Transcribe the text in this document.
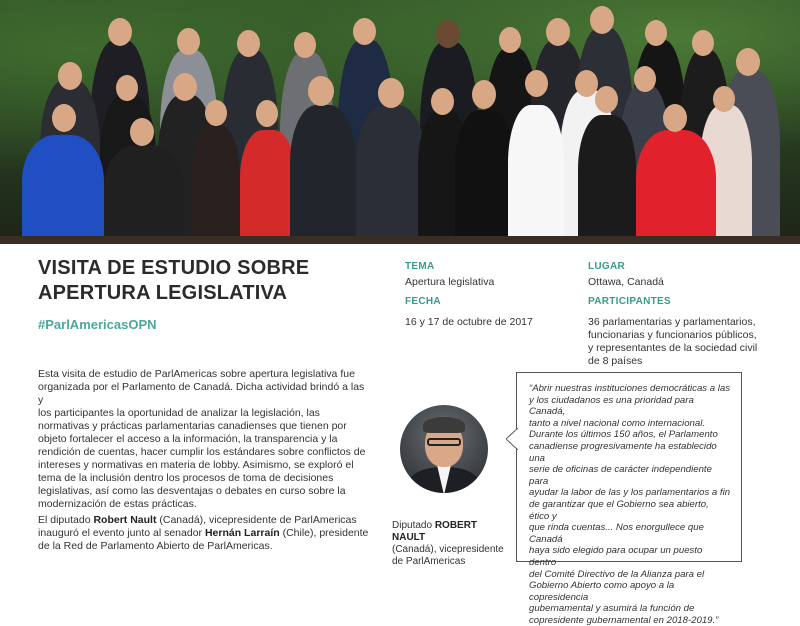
VISITA DE ESTUDIO SOBRE
APERTURA LEGISLATIVA

#ParlAmericasOPN

TEMA
Apertura legislativa
FECHA
16 y 17 de octubre de 2017
LUGAR
Ottawa, Canadá
PARTICIPANTES
36 parlamentarias y parlamentarios,
funcionarias y funcionarios públicos,
y representantes de la sociedad civil
de 8 países

Esta visita de estudio de ParlAmericas sobre apertura legislativa fue
organizada por el Parlamento de Canadá. Dicha actividad brindó a las y
los participantes la oportunidad de analizar la legislación, las
normativas y prácticas parlamentarias canadienses que tienen por
objeto fortalecer el acceso a la información, la transparencia y la
rendición de cuentas, hacer cumplir los estándares sobre conflictos de
intereses y normativas en materia de lobby. Asimismo, se exploró el
tema de la inclusión dentro los procesos de toma de decisiones
legislativas, así como las desventajas o debates en curso sobre la
modernización de estas prácticas.

El diputado Robert Nault (Canadá), vicepresidente de ParlAmericas
inauguró el evento junto al senador Hernán Larraín (Chile), presidente
de la Red de Parlamento Abierto de ParlAmericas.

Diputado ROBERT NAULT
(Canadá), vicepresidente
de ParlAmericas

“Abrir nuestras instituciones democráticas a las
y los ciudadanos es una prioridad para Canadá,
tanto a nivel nacional como internacional.
Durante los últimos 150 años, el Parlamento
canadiense progresivamente ha establecido una
serie de oficinas de carácter independiente para
ayudar la labor de las y los parlamentarios a fin
de garantizar que el Gobierno sea abierto, ético y
que rinda cuentas... Nos enorgullece que Canadá
haya sido elegido para ocupar un puesto dentro
del Comité Directivo de la Alianza para el
Gobierno Abierto como apoyo a la copresidencia
gubernamental y asumirá la función de
copresidente gubernamental en 2018-2019.”
